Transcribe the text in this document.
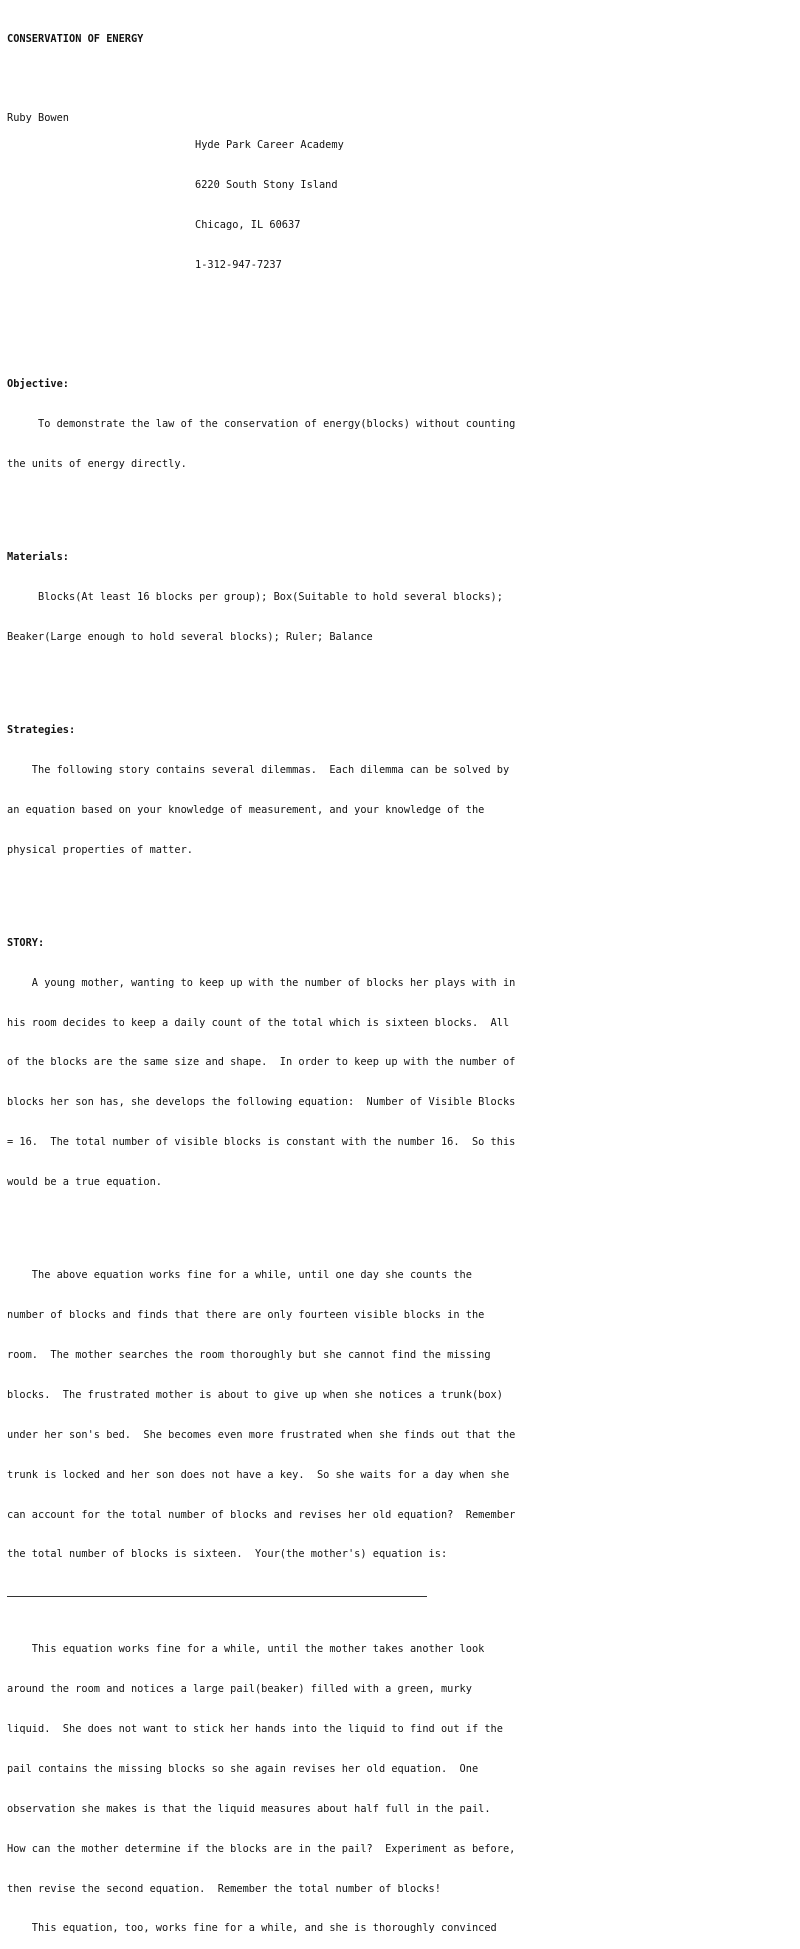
CONSERVATION OF ENERGY

Ruby Bowen

Hyde Park Career Academy

6220 South Stony Island

Chicago, IL 60637

1-312-947-7237

Objective:

To demonstrate the law of the conservation of energy(blocks) without counting

the units of energy directly.

Materials:

Blocks(At least 16 blocks per group); Box(Suitable to hold several blocks);

Beaker(Large enough to hold several blocks); Ruler; Balance

Strategies:

The following story contains several dilemmas.  Each dilemma can be solved by

an equation based on your knowledge of measurement, and your knowledge of the

physical properties of matter.

STORY:

A young mother, wanting to keep up with the number of blocks her plays with in

his room decides to keep a daily count of the total which is sixteen blocks.  All

of the blocks are the same size and shape.  In order to keep up with the number of

blocks her son has, she develops the following equation:  Number of Visible Blocks

= 16.  The total number of visible blocks is constant with the number 16.  So this

would be a true equation.

The above equation works fine for a while, until one day she counts the

number of blocks and finds that there are only fourteen visible blocks in the

room.  The mother searches the room thoroughly but she cannot find the missing

blocks.  The frustrated mother is about to give up when she notices a trunk(box)

under her son's bed.  She becomes even more frustrated when she finds out that the

trunk is locked and her son does not have a key.  So she waits for a day when she

can account for the total number of blocks and revises her old equation?  Remember

the total number of blocks is sixteen.  Your(the mother's) equation is:

This equation works fine for a while, until the mother takes another look

around the room and notices a large pail(beaker) filled with a green, murky

liquid.  She does not want to stick her hands into the liquid to find out if the

pail contains the missing blocks so she again revises her old equation.  One

observation she makes is that the liquid measures about half full in the pail.

How can the mother determine if the blocks are in the pail?  Experiment as before,

then revise the second equation.  Remember the total number of blocks!

This equation, too, works fine for a while, and she is thoroughly convinced
